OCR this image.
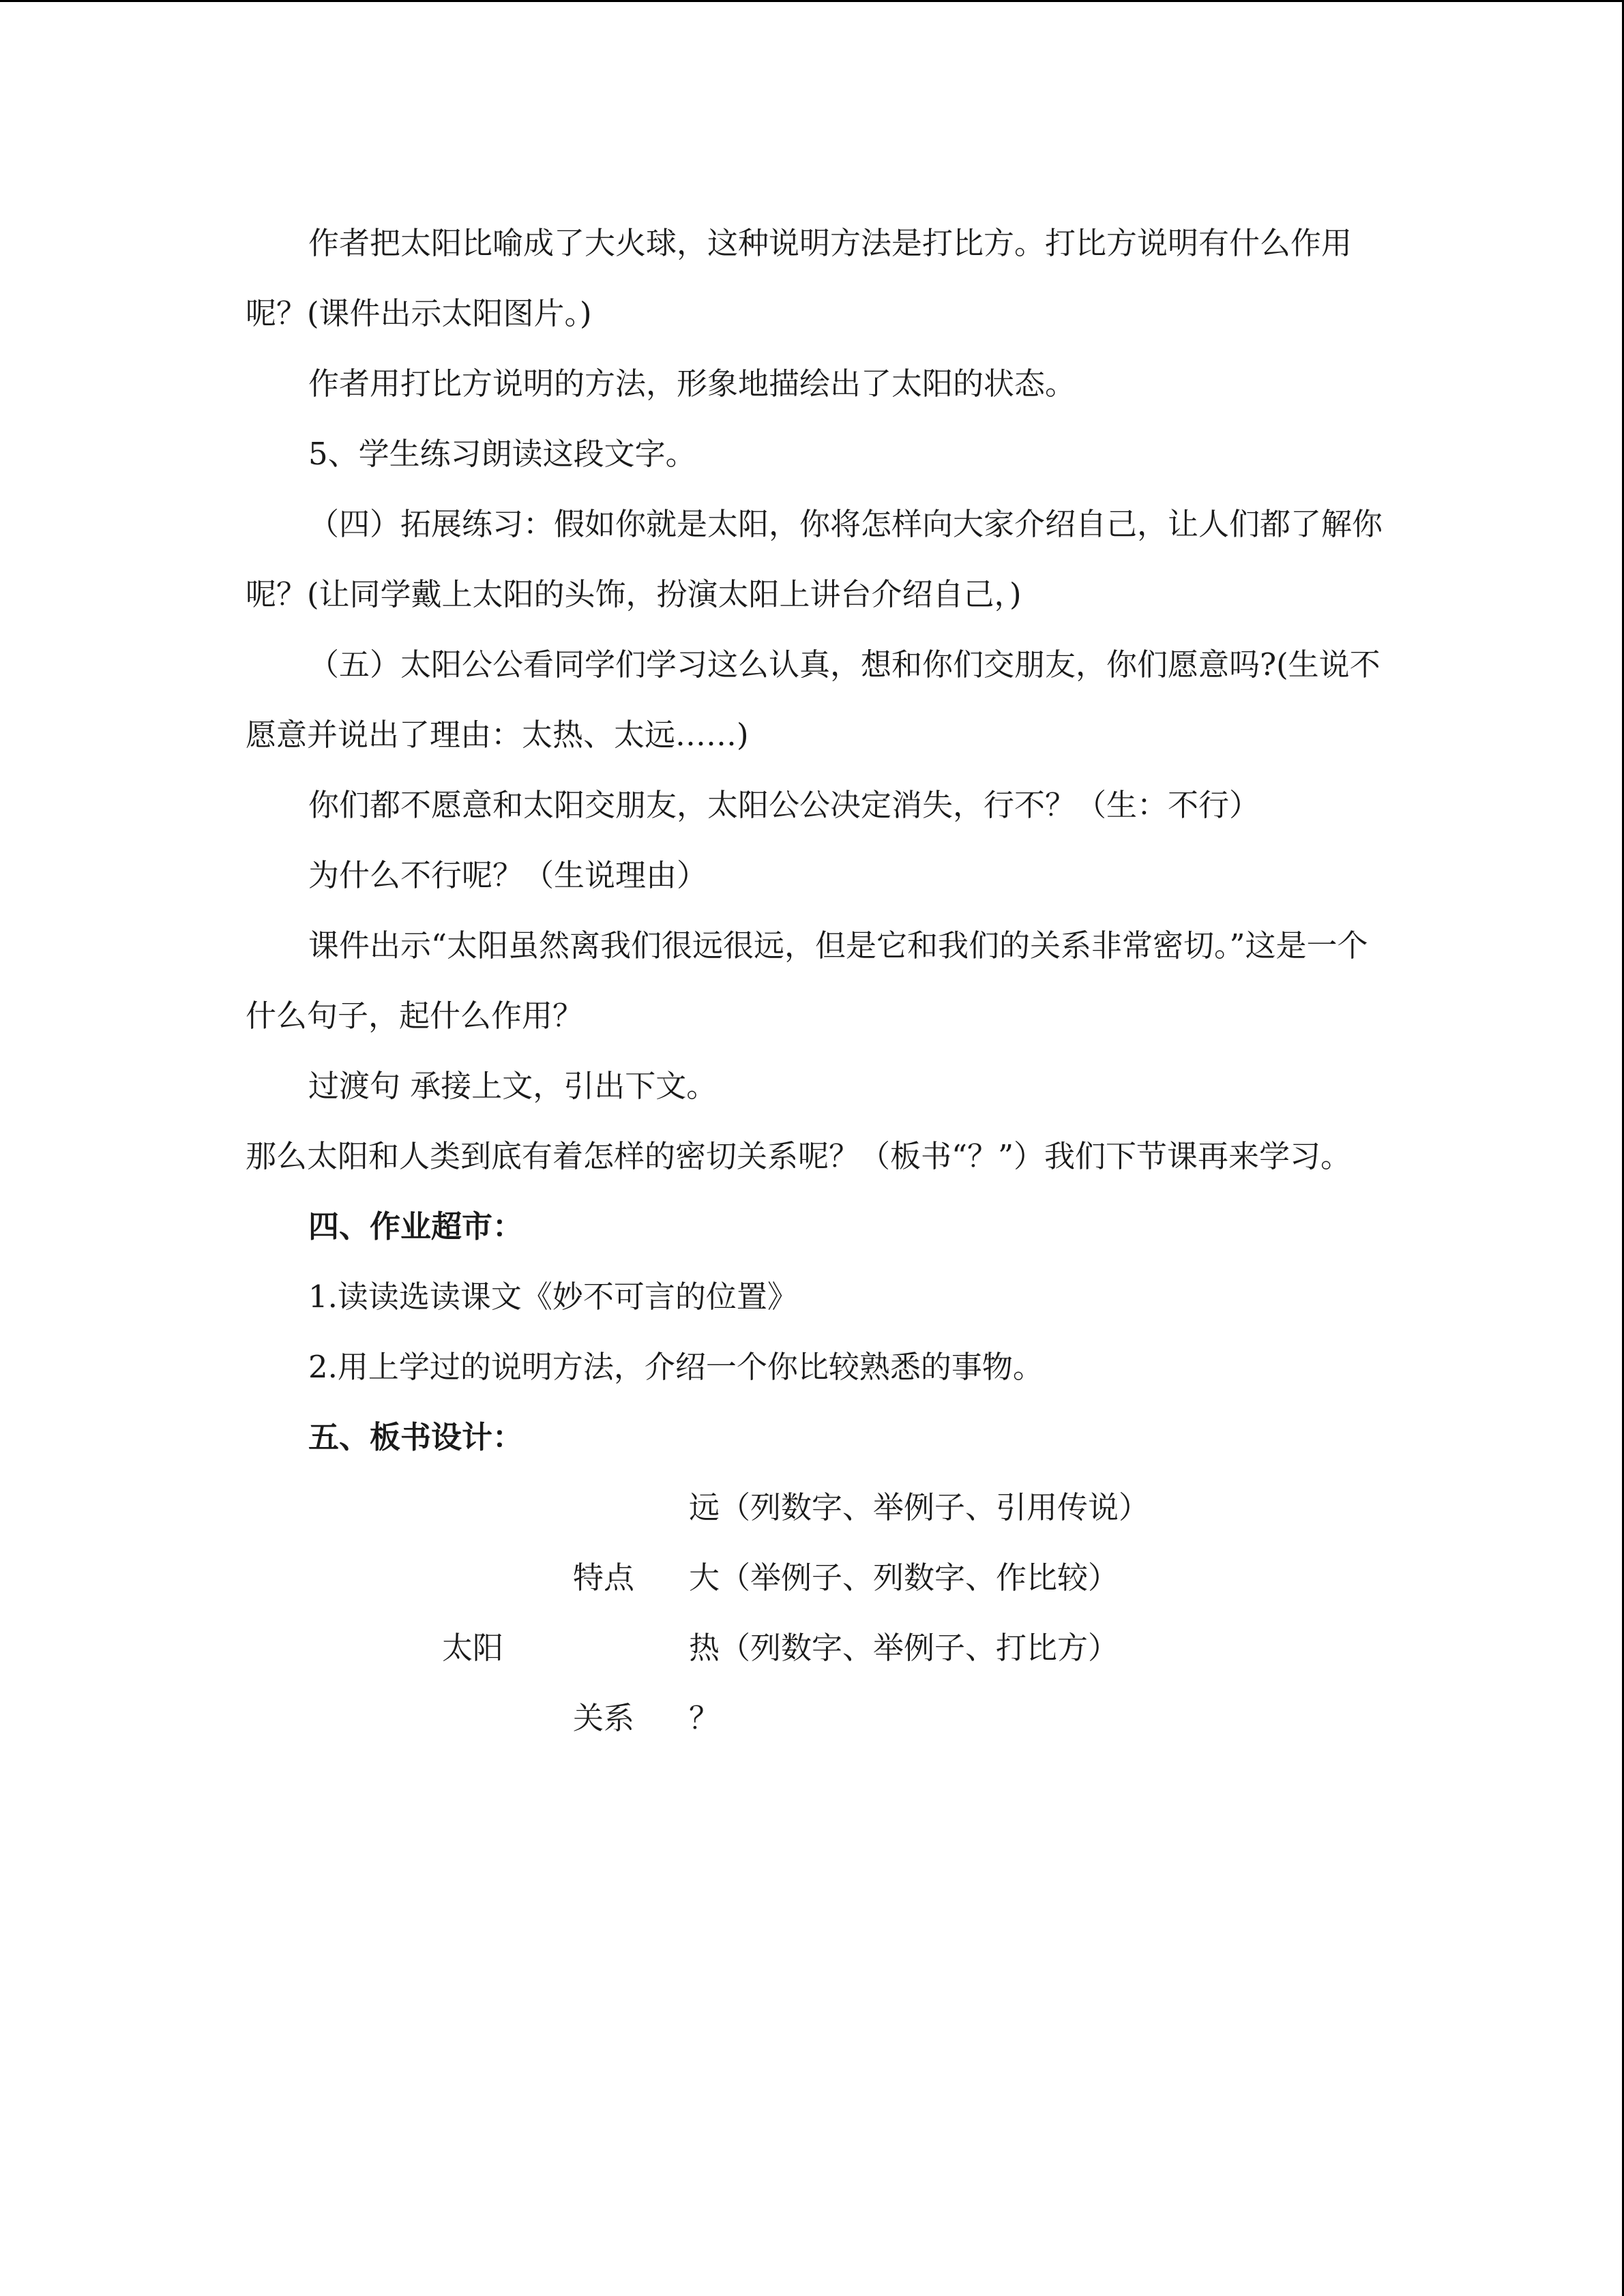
作者把太阳比喻成了大火球，这种说明方法是打比方。打比方说明有什么作用呢？(课件出示太阳图片。)

作者用打比方说明的方法，形象地描绘出了太阳的状态。

5、学生练习朗读这段文字。

（四）拓展练习：假如你就是太阳，你将怎样向大家介绍自己，让人们都了解你呢？(让同学戴上太阳的头饰，扮演太阳上讲台介绍自己，)

（五）太阳公公看同学们学习这么认真，想和你们交朋友，你们愿意吗?(生说不愿意并说出了理由：太热、太远……)

你们都不愿意和太阳交朋友，太阳公公决定消失，行不？（生：不行）

为什么不行呢？（生说理由）

课件出示“太阳虽然离我们很远很远，但是它和我们的关系非常密切。”这是一个什么句子，起什么作用？

过渡句 承接上文，引出下文。

那么太阳和人类到底有着怎样的密切关系呢？（板书“？”）我们下节课再来学习。

四、作业超市：

1.读读选读课文《妙不可言的位置》

2.用上学过的说明方法，介绍一个你比较熟悉的事物。

五、板书设计：

远（列数字、举例子、引用传说）
特点 大（举例子、列数字、作比较）
太阳	热（列数字、举例子、打比方）
关系 ？
